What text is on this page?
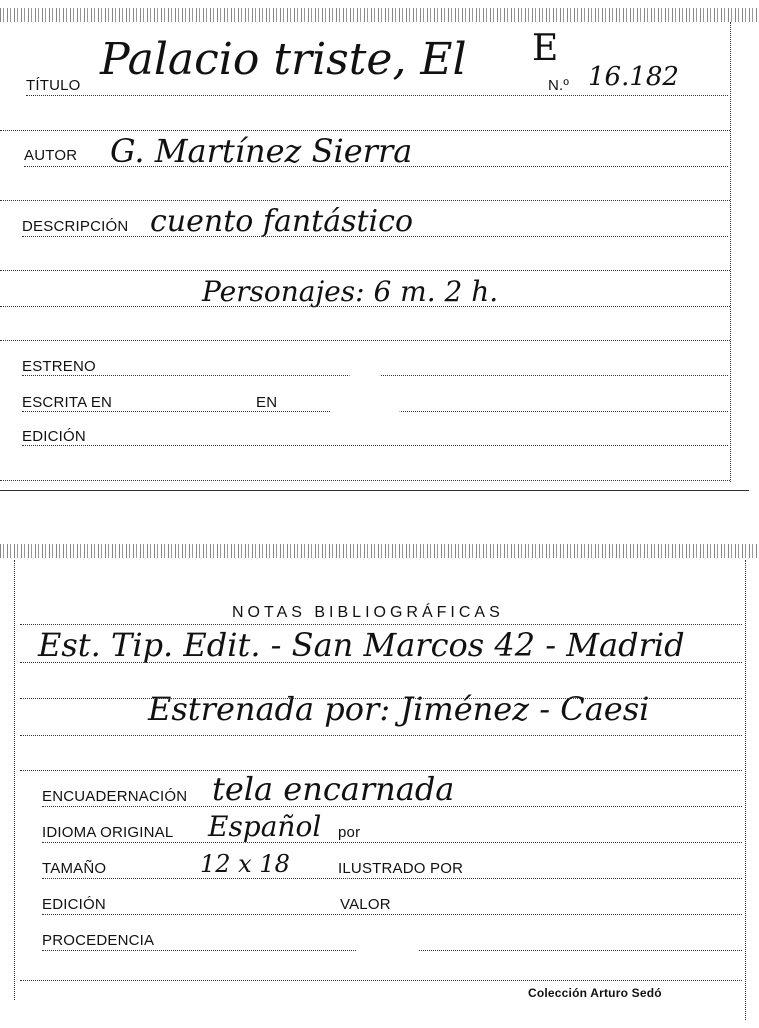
TÍTULO
Palacio triste, El E
N.º 16.182
AUTOR G. Martínez Sierra
DESCRIPCIÓN cuento fantástico
Personajes: 6 m. 2 h.
ESTRENO
ESCRITA EN	EN
EDICIÓN
NOTAS BIBLIOGRÁFICAS
Est. Tip. Edit. - San Marcos 42 - Madrid
Estrenada por: Jiménez - Caesi
ENCUADERNACIÓN tela encarnada
IDIOMA ORIGINAL Español por
TAMAÑO	12 x 18	ILUSTRADO POR
EDICIÓN	VALOR
PROCEDENCIA
Colección Arturo Sedó
